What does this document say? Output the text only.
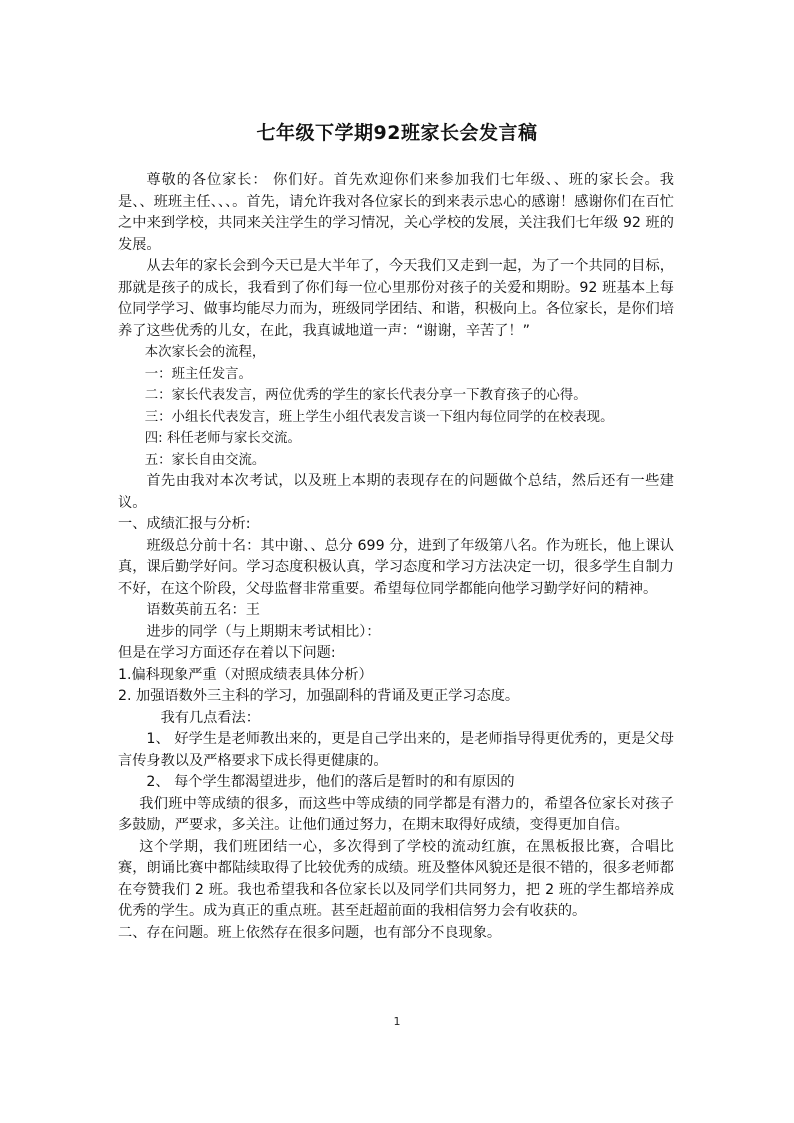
七年级下学期92班家长会发言稿

尊敬的各位家长： 你们好。首先欢迎你们来参加我们七年级、、班的家长会。我是、、班班主任、、、。首先，请允许我对各位家长的到来表示忠心的感谢！感谢你们在百忙之中来到学校，共同来关注学生的学习情况，关心学校的发展，关注我们七年级 92 班的发展。

从去年的家长会到今天已是大半年了，今天我们又走到一起，为了一个共同的目标，那就是孩子的成长，我看到了你们每一位心里那份对孩子的关爱和期盼。92 班基本上每位同学学习、做事均能尽力而为，班级同学团结、和谐，积极向上。各位家长，是你们培养了这些优秀的儿女，在此，我真诚地道一声：“谢谢，辛苦了！”

本次家长会的流程，

一：班主任发言。

二：家长代表发言，两位优秀的学生的家长代表分享一下教育孩子的心得。

三：小组长代表发言，班上学生小组代表发言谈一下组内每位同学的在校表现。

四: 科任老师与家长交流。

五：家长自由交流。

首先由我对本次考试，以及班上本期的表现存在的问题做个总结，然后还有一些建议。

一、成绩汇报与分析:

班级总分前十名：其中谢、、总分 699 分，进到了年级第八名。作为班长，他上课认真，课后勤学好问。学习态度积极认真，学习态度和学习方法决定一切，很多学生自制力不好，在这个阶段，父母监督非常重要。希望每位同学都能向他学习勤学好问的精神。

语数英前五名：王

进步的同学（与上期期末考试相比）：

但是在学习方面还存在着以下问题:

1.偏科现象严重（对照成绩表具体分析）

2. 加强语数外三主科的学习，加强副科的背诵及更正学习态度。

我有几点看法：

1、 好学生是老师教出来的，更是自己学出来的，是老师指导得更优秀的，更是父母言传身教以及严格要求下成长得更健康的。

2、 每个学生都渴望进步，他们的落后是暂时的和有原因的

我们班中等成绩的很多，而这些中等成绩的同学都是有潜力的，希望各位家长对孩子多鼓励，严要求，多关注。让他们通过努力，在期末取得好成绩，变得更加自信。

这个学期，我们班团结一心，多次得到了学校的流动红旗，在黑板报比赛，合唱比赛，朗诵比赛中都陆续取得了比较优秀的成绩。班及整体风貌还是很不错的，很多老师都在夸赞我们 2 班。我也希望我和各位家长以及同学们共同努力，把 2 班的学生都培养成优秀的学生。成为真正的重点班。甚至赶超前面的我相信努力会有收获的。

二、存在问题。班上依然存在很多问题，也有部分不良现象。

1
